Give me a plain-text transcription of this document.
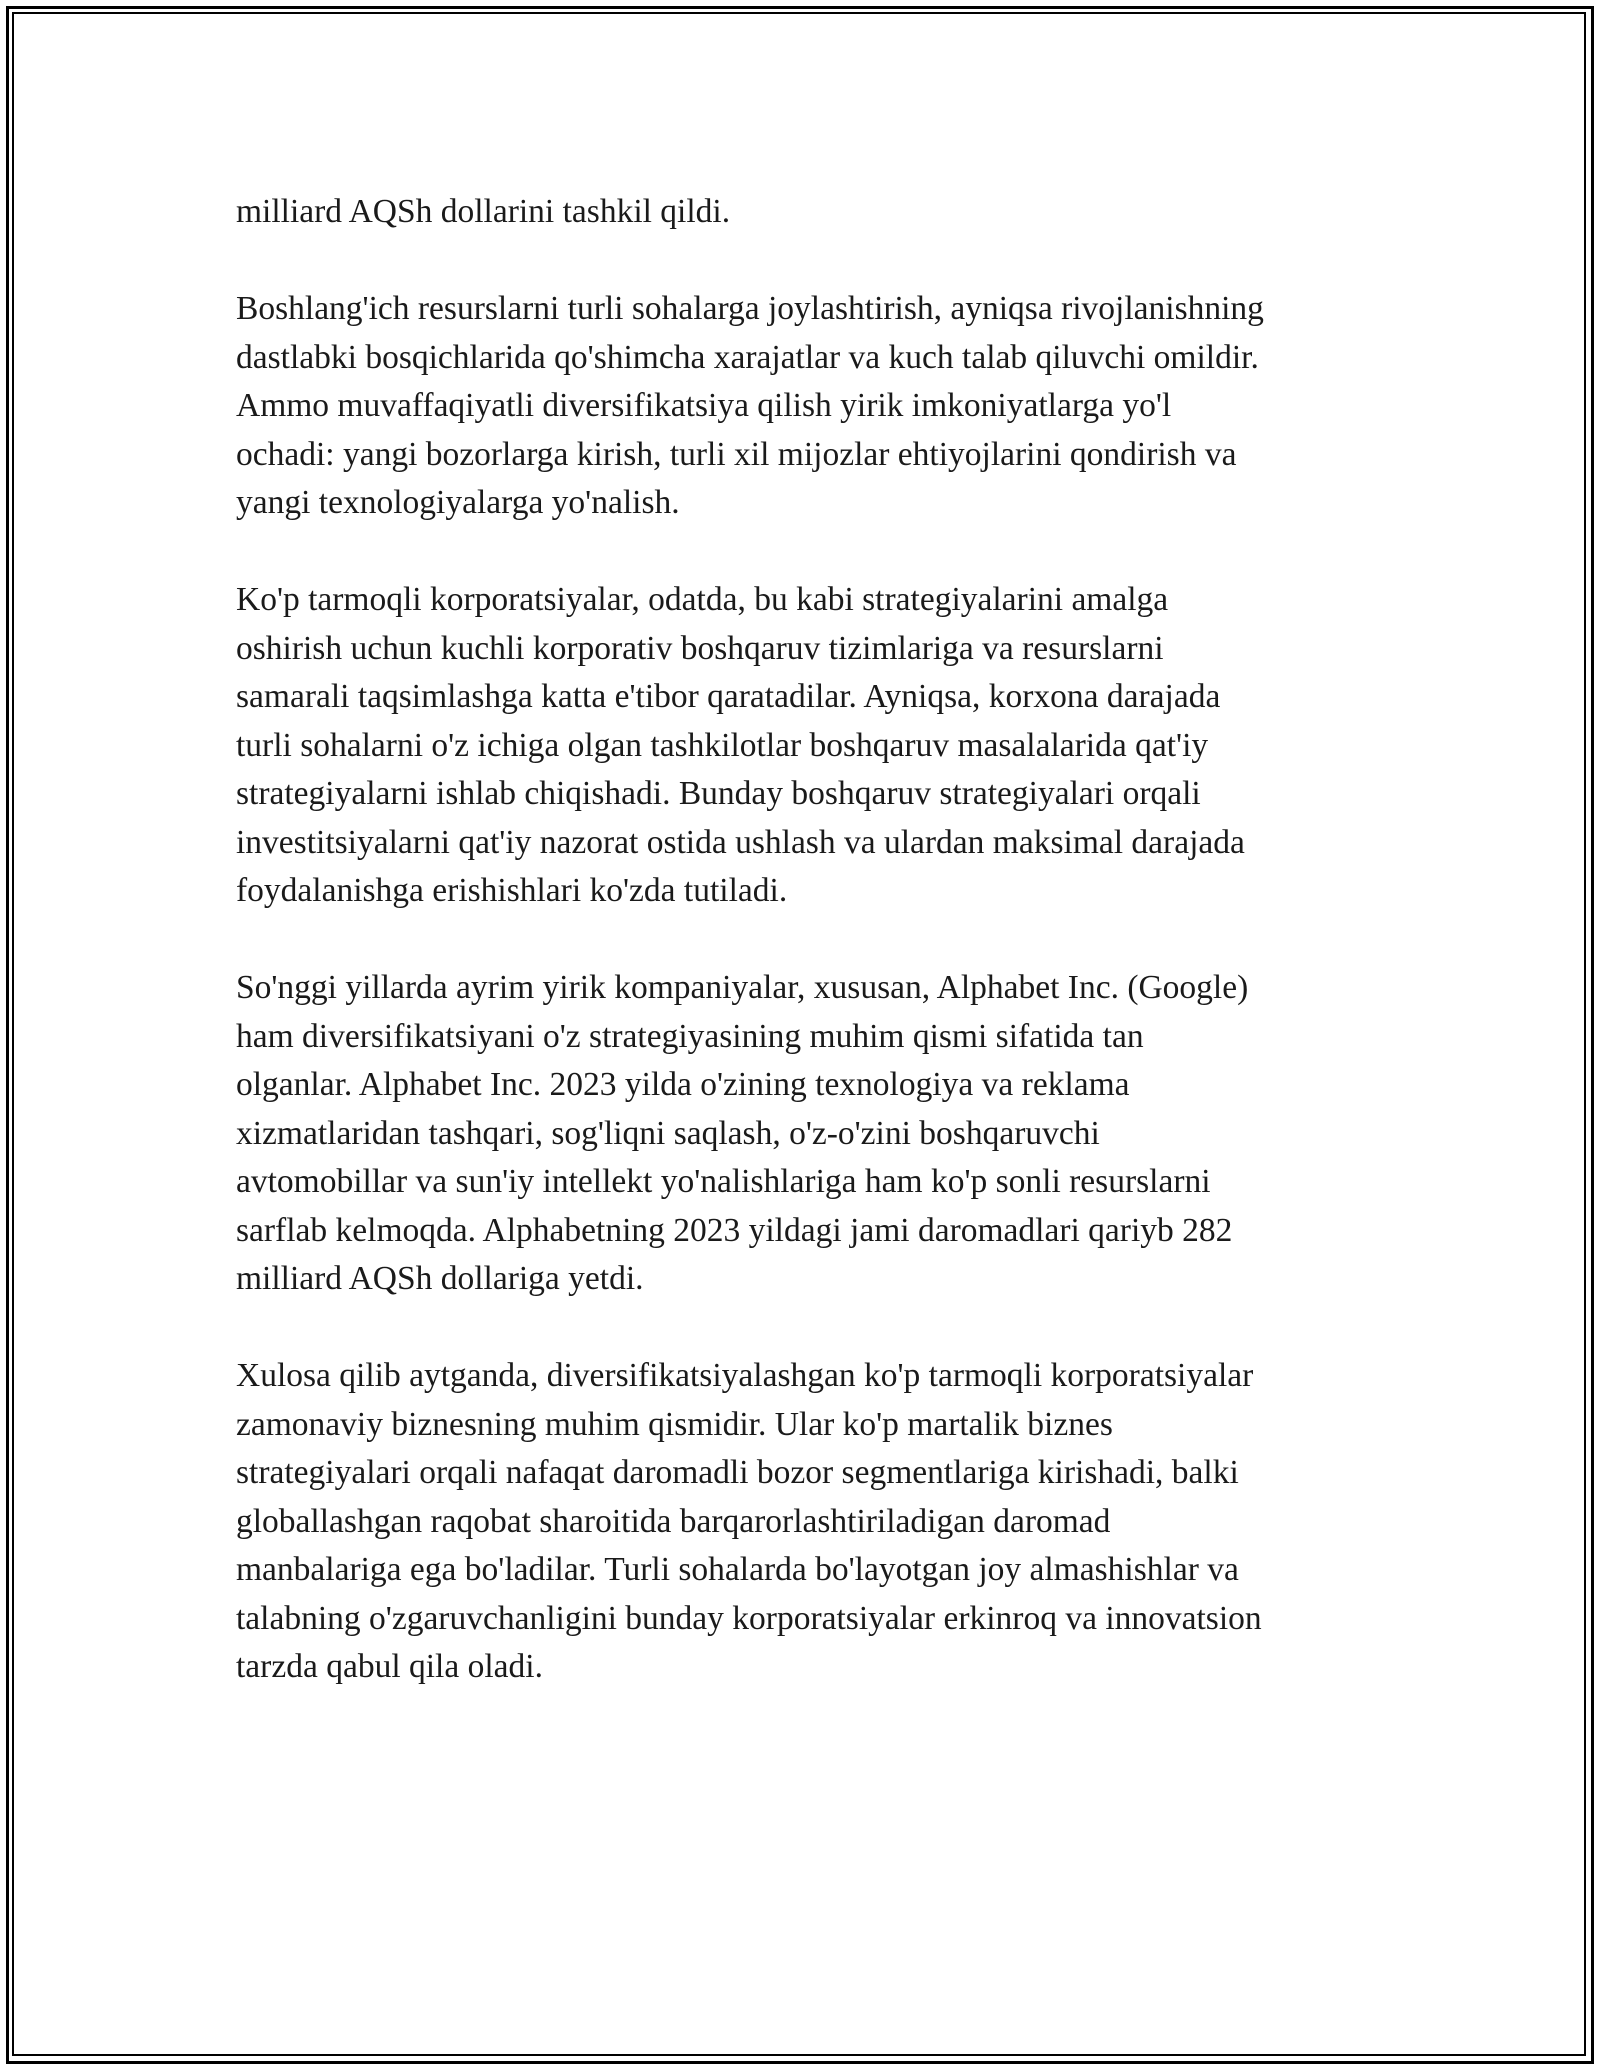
milliard AQSh dollarini tashkil qildi.

Boshlang'ich resurslarni turli sohalarga joylashtirish, ayniqsa rivojlanishning
dastlabki bosqichlarida qo'shimcha xarajatlar va kuch talab qiluvchi omildir.
Ammo muvaffaqiyatli diversifikatsiya qilish yirik imkoniyatlarga yo'l
ochadi: yangi bozorlarga kirish, turli xil mijozlar ehtiyojlarini qondirish va
yangi texnologiyalarga yo'nalish.

Ko'p tarmoqli korporatsiyalar, odatda, bu kabi strategiyalarini amalga
oshirish uchun kuchli korporativ boshqaruv tizimlariga va resurslarni
samarali taqsimlashga katta e'tibor qaratadilar. Ayniqsa, korxona darajada
turli sohalarni o'z ichiga olgan tashkilotlar boshqaruv masalalarida qat'iy
strategiyalarni ishlab chiqishadi. Bunday boshqaruv strategiyalari orqali
investitsiyalarni qat'iy nazorat ostida ushlash va ulardan maksimal darajada
foydalanishga erishishlari ko'zda tutiladi.

So'nggi yillarda ayrim yirik kompaniyalar, xususan, Alphabet Inc. (Google)
ham diversifikatsiyani o'z strategiyasining muhim qismi sifatida tan
olganlar. Alphabet Inc. 2023 yilda o'zining texnologiya va reklama
xizmatlaridan tashqari, sog'liqni saqlash, o'z-o'zini boshqaruvchi
avtomobillar va sun'iy intellekt yo'nalishlariga ham ko'p sonli resurslarni
sarflab kelmoqda. Alphabetning 2023 yildagi jami daromadlari qariyb 282
milliard AQSh dollariga yetdi.

Xulosa qilib aytganda, diversifikatsiyalashgan ko'p tarmoqli korporatsiyalar
zamonaviy biznesning muhim qismidir. Ular ko'p martalik biznes
strategiyalari orqali nafaqat daromadli bozor segmentlariga kirishadi, balki
globallashgan raqobat sharoitida barqarorlashtiriladigan daromad
manbalariga ega bo'ladilar. Turli sohalarda bo'layotgan joy almashishlar va
talabning o'zgaruvchanligini bunday korporatsiyalar erkinroq va innovatsion
tarzda qabul qila oladi.
